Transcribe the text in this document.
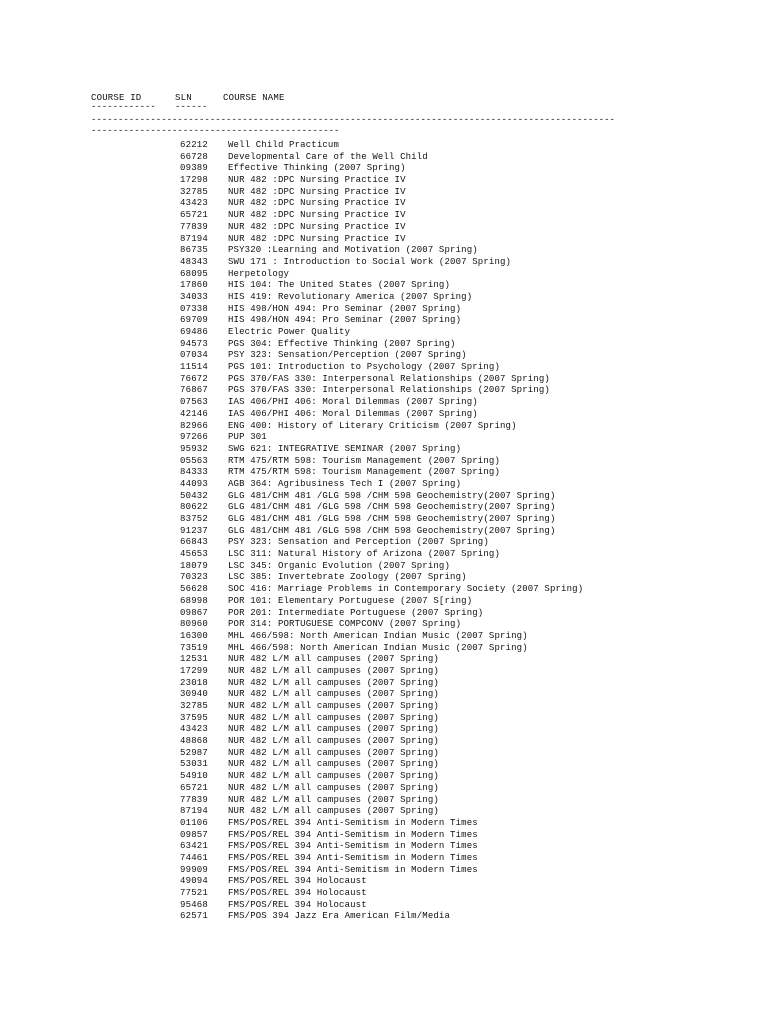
COURSE ID	SLN	COURSE NAME
------------	------
-------------------------------------------------------------------------------------------------
----------------------------------------------
62212 Well Child Practicum
66728 Developmental Care of the Well Child
09389 Effective Thinking (2007 Spring)
17298 NUR 482 :DPC Nursing Practice IV
32785 NUR 482 :DPC Nursing Practice IV
43423 NUR 482 :DPC Nursing Practice IV
65721 NUR 482 :DPC Nursing Practice IV
77839 NUR 482 :DPC Nursing Practice IV
87194 NUR 482 :DPC Nursing Practice IV
86735 PSY320 :Learning and Motivation (2007 Spring)
48343 SWU 171 : Introduction to Social Work (2007 Spring)
68095 Herpetology
17860 HIS 104: The United States (2007 Spring)
34033 HIS 419: Revolutionary America (2007 Spring)
07338 HIS 498/HON 494: Pro Seminar (2007 Spring)
69709 HIS 498/HON 494: Pro Seminar (2007 Spring)
69486 Electric Power Quality
94573 PGS 304: Effective Thinking (2007 Spring)
07034 PSY 323: Sensation/Perception (2007 Spring)
11514 PGS 101: Introduction to Psychology (2007 Spring)
76672 PGS 370/FAS 330: Interpersonal Relationships (2007 Spring)
76867 PGS 370/FAS 330: Interpersonal Relationships (2007 Spring)
07563 IAS 406/PHI 406: Moral Dilemmas (2007 Spring)
42146 IAS 406/PHI 406: Moral Dilemmas (2007 Spring)
82966 ENG 400: History of Literary Criticism (2007 Spring)
97266 PUP 301
95932 SWG 621: INTEGRATIVE SEMINAR (2007 Spring)
05563 RTM 475/RTM 598: Tourism Management (2007 Spring)
84333 RTM 475/RTM 598: Tourism Management (2007 Spring)
44093 AGB 364: Agribusiness Tech I (2007 Spring)
50432 GLG 481/CHM 481 /GLG 598 /CHM 598 Geochemistry(2007 Spring)
80622 GLG 481/CHM 481 /GLG 598 /CHM 598 Geochemistry(2007 Spring)
83752 GLG 481/CHM 481 /GLG 598 /CHM 598 Geochemistry(2007 Spring)
91237 GLG 481/CHM 481 /GLG 598 /CHM 598 Geochemistry(2007 Spring)
66843 PSY 323: Sensation and Perception (2007 Spring)
45653 LSC 311: Natural History of Arizona (2007 Spring)
18079 LSC 345: Organic Evolution (2007 Spring)
70323 LSC 385: Invertebrate Zoology (2007 Spring)
56628 SOC 416: Marriage Problems in Contemporary Society (2007 Spring)
68998 POR 101: Elementary Portuguese (2007 S[ring)
09867 POR 201: Intermediate Portuguese (2007 Spring)
80960 POR 314: PORTUGUESE COMPCONV (2007 Spring)
16300 MHL 466/598: North American Indian Music (2007 Spring)
73519 MHL 466/598: North American Indian Music (2007 Spring)
12531 NUR 482 L/M all campuses (2007 Spring)
17299 NUR 482 L/M all campuses (2007 Spring)
23018 NUR 482 L/M all campuses (2007 Spring)
30940 NUR 482 L/M all campuses (2007 Spring)
32785 NUR 482 L/M all campuses (2007 Spring)
37595 NUR 482 L/M all campuses (2007 Spring)
43423 NUR 482 L/M all campuses (2007 Spring)
48868 NUR 482 L/M all campuses (2007 Spring)
52987 NUR 482 L/M all campuses (2007 Spring)
53031 NUR 482 L/M all campuses (2007 Spring)
54910 NUR 482 L/M all campuses (2007 Spring)
65721 NUR 482 L/M all campuses (2007 Spring)
77839 NUR 482 L/M all campuses (2007 Spring)
87194 NUR 482 L/M all campuses (2007 Spring)
01106 FMS/POS/REL 394 Anti-Semitism in Modern Times
09857 FMS/POS/REL 394 Anti-Semitism in Modern Times
63421 FMS/POS/REL 394 Anti-Semitism in Modern Times
74461 FMS/POS/REL 394 Anti-Semitism in Modern Times
99909 FMS/POS/REL 394 Anti-Semitism in Modern Times
49094 FMS/POS/REL 394 Holocaust
77521 FMS/POS/REL 394 Holocaust
95468 FMS/POS/REL 394 Holocaust
62571 FMS/POS 394 Jazz Era American Film/Media
